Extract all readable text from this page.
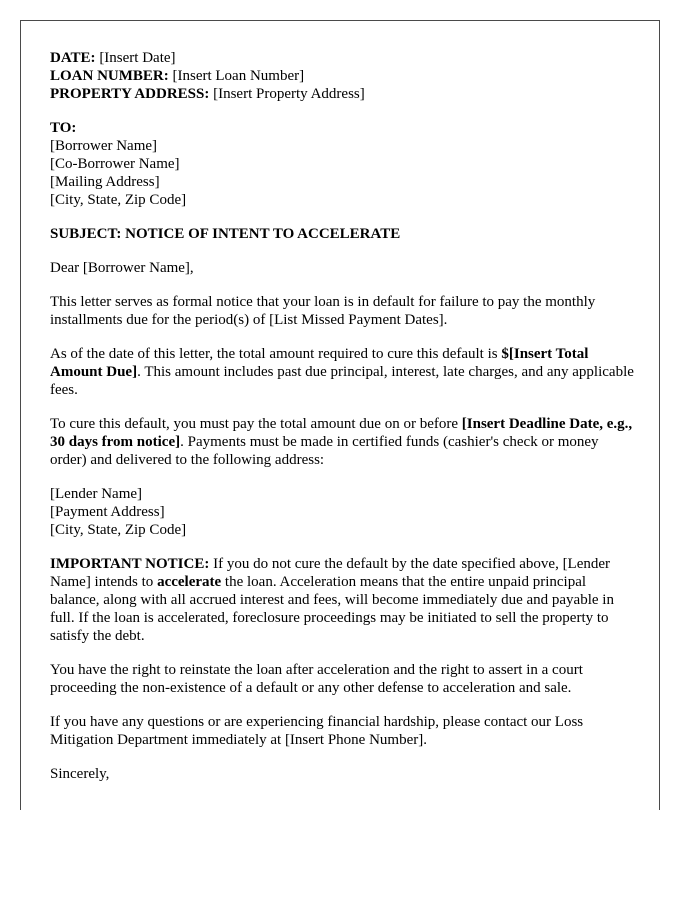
DATE: [Insert Date]
LOAN NUMBER: [Insert Loan Number]
PROPERTY ADDRESS: [Insert Property Address]
TO:
[Borrower Name]
[Co-Borrower Name]
[Mailing Address]
[City, State, Zip Code]
SUBJECT: NOTICE OF INTENT TO ACCELERATE

Dear [Borrower Name],

This letter serves as formal notice that your loan is in default for failure to pay the monthly installments due for the period(s) of [List Missed Payment Dates].

As of the date of this letter, the total amount required to cure this default is $[Insert Total Amount Due]. This amount includes past due principal, interest, late charges, and any applicable fees.

To cure this default, you must pay the total amount due on or before [Insert Deadline Date, e.g., 30 days from notice]. Payments must be made in certified funds (cashier's check or money order) and delivered to the following address:

[Lender Name]
[Payment Address]
[City, State, Zip Code]

IMPORTANT NOTICE: If you do not cure the default by the date specified above, [Lender Name] intends to accelerate the loan. Acceleration means that the entire unpaid principal balance, along with all accrued interest and fees, will become immediately due and payable in full. If the loan is accelerated, foreclosure proceedings may be initiated to sell the property to satisfy the debt.

You have the right to reinstate the loan after acceleration and the right to assert in a court proceeding the non-existence of a default or any other defense to acceleration and sale.

If you have any questions or are experiencing financial hardship, please contact our Loss Mitigation Department immediately at [Insert Phone Number].

Sincerely,
